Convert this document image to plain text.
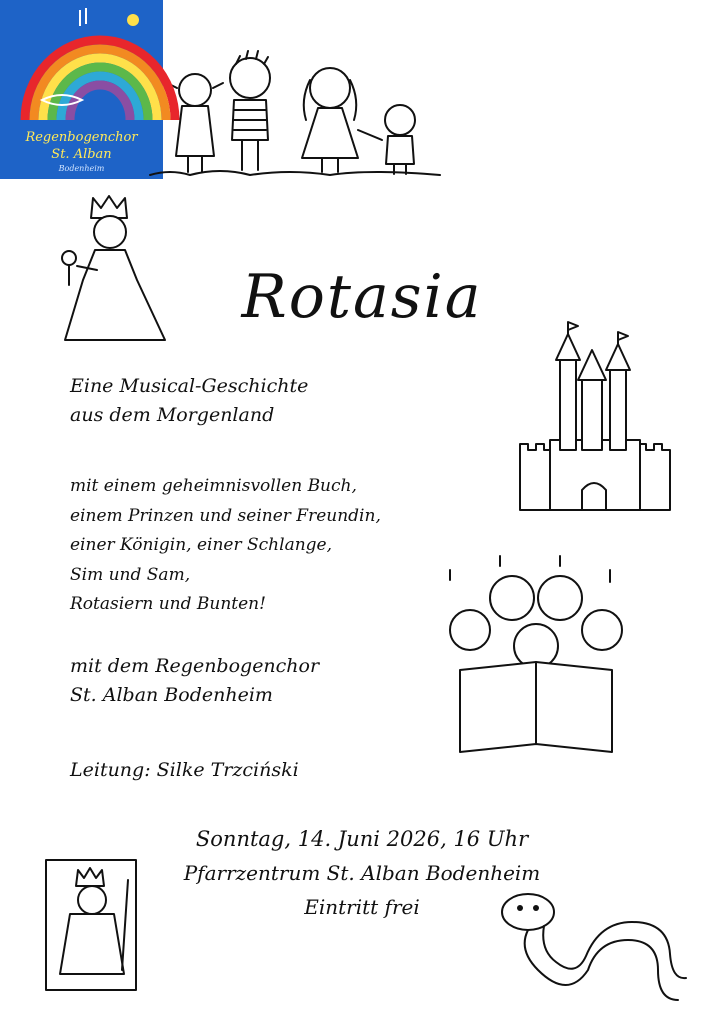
Regenbogenchor
St. Alban
Bodenheim
Rotasia
Eine Musical-Geschichte
aus dem Morgenland
mit einem geheimnisvollen Buch,
einem Prinzen und seiner Freundin,
einer Königin, einer Schlange,
Sim und Sam,
Rotasiern und Bunten!
mit dem Regenbogenchor
St. Alban Bodenheim
Leitung: Silke Trzciński
Sonntag, 14. Juni 2026, 16 Uhr
Pfarrzentrum St. Alban Bodenheim
Eintritt frei
